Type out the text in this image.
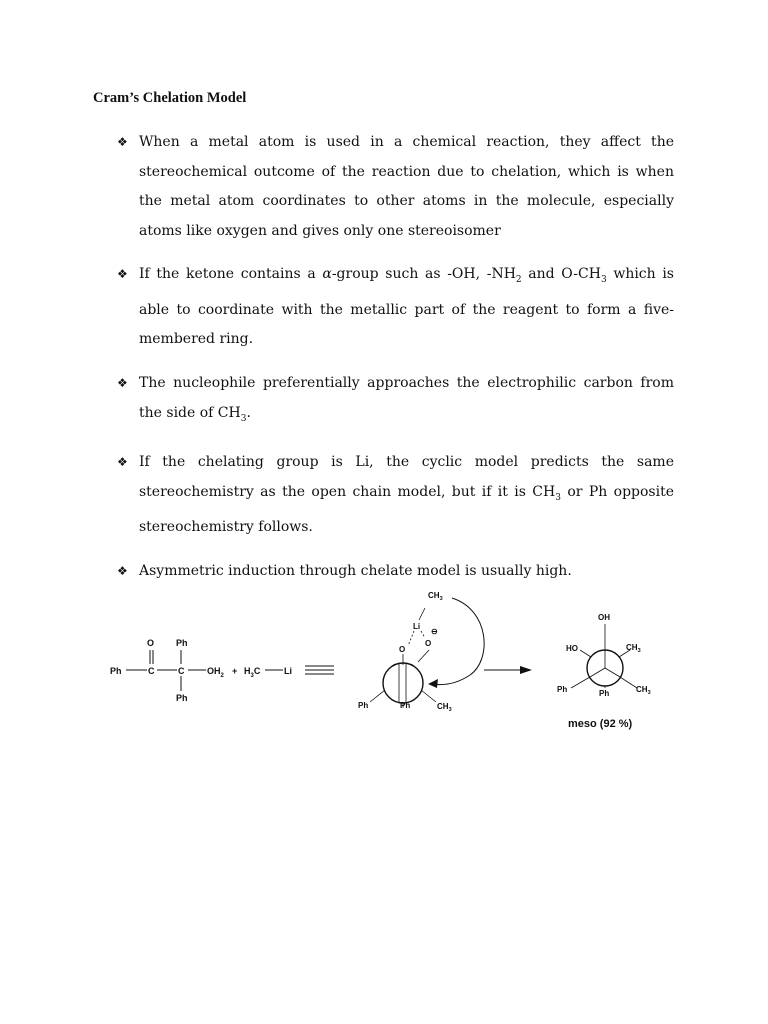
Cram’s Chelation Model
❖ When a metal atom is used in a chemical reaction, they affect the stereochemical outcome of the reaction due to chelation, which is when the metal atom coordinates to other atoms in the molecule, especially atoms like oxygen and gives only one stereoisomer
❖ If the ketone contains a α-group such as -OH, $-NH_2$ and $O-CH_3$ which is able to coordinate with the metallic part of the reagent to form a five-membered ring.
❖ The nucleophile preferentially approaches the electrophilic carbon from the side of $CH_3$.
❖ If the chelating group is Li, the cyclic model predicts the same stereochemistry as the open chain model, but if it is $CH_3$ or Ph opposite stereochemistry follows.
❖ Asymmetric induction through chelate model is usually high.
Ph	C	C
O Ph
Ph
$OH_2 + H_3C$	Li
$CH_3$
Li
O
⊖
O
Ph	Ph	$CH_3$
OH
HO	$CH_3$
Ph	Ph	$CH_3$
meso (92 %)
